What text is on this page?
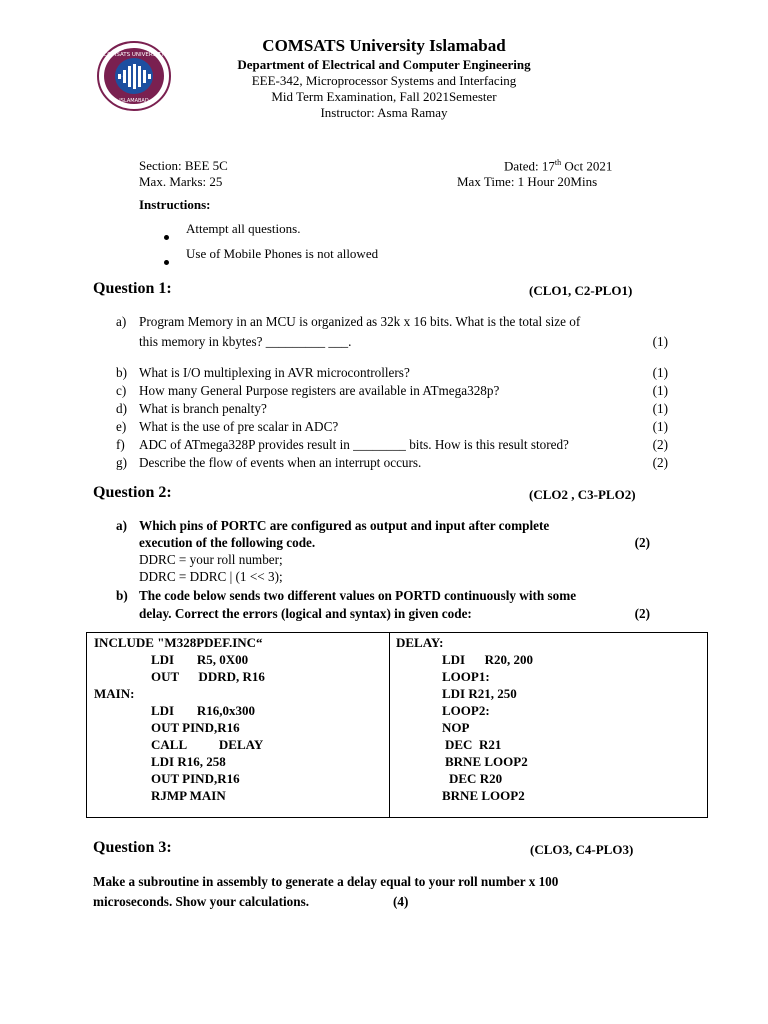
COMSATS UNIVERSITY
ISLAMABAD
COMSATS University Islamabad
Department of Electrical and Computer Engineering
EEE-342, Microprocessor Systems and Interfacing
Mid Term Examination, Fall 2021Semester
Instructor: Asma Ramay
Section: BEE 5C
Max. Marks: 25
Dated: 17th Oct 2021
Max Time: 1 Hour 20Mins
Instructions:
Attempt all questions.
Use of Mobile Phones is not allowed
Question 1:	(CLO1, C2-PLO1)
a) Program Memory in an MCU is organized as 32k x 16 bits. What is the total size of
this memory in kbytes? _________ ___.	(1)
b) What is I/O multiplexing in AVR microcontrollers?	(1)
c) How many General Purpose registers are available in ATmega328p?	(1)
d) What is branch penalty?	(1)
e) What is the use of pre scalar in ADC?	(1)
f) ADC of ATmega328P provides result in ________ bits. How is this result stored?	(2)
g) Describe the flow of events when an interrupt occurs.	(2)
Question 2:	(CLO2 , C3-PLO2)
a) Which pins of PORTC are configured as output and input after complete
execution of the following code.	(2)
DDRC = your roll number;
DDRC = DDRC | (1 << 3);
b) The code below sends two different values on PORTD continuously with some
delay. Correct the errors (logical and syntax) in given code:	(2)
INCLUDE "M328PDEF.INC“
LDI       R5, 0X00
OUT      DDRD, R16
MAIN:
LDI       R16,0x300
OUT PIND,R16
CALL          DELAY
LDI R16, 258
OUT PIND,R16
RJMP MAIN
DELAY:
LDI      R20, 200
LOOP1:
LDI R21, 250
LOOP2:
NOP
DEC  R21
BRNE LOOP2
DEC R20
BRNE LOOP2
Question 3:	(CLO3, C4-PLO3)
Make a subroutine in assembly to generate a delay equal to your roll number x 100
microseconds. Show your calculations.	(4)
